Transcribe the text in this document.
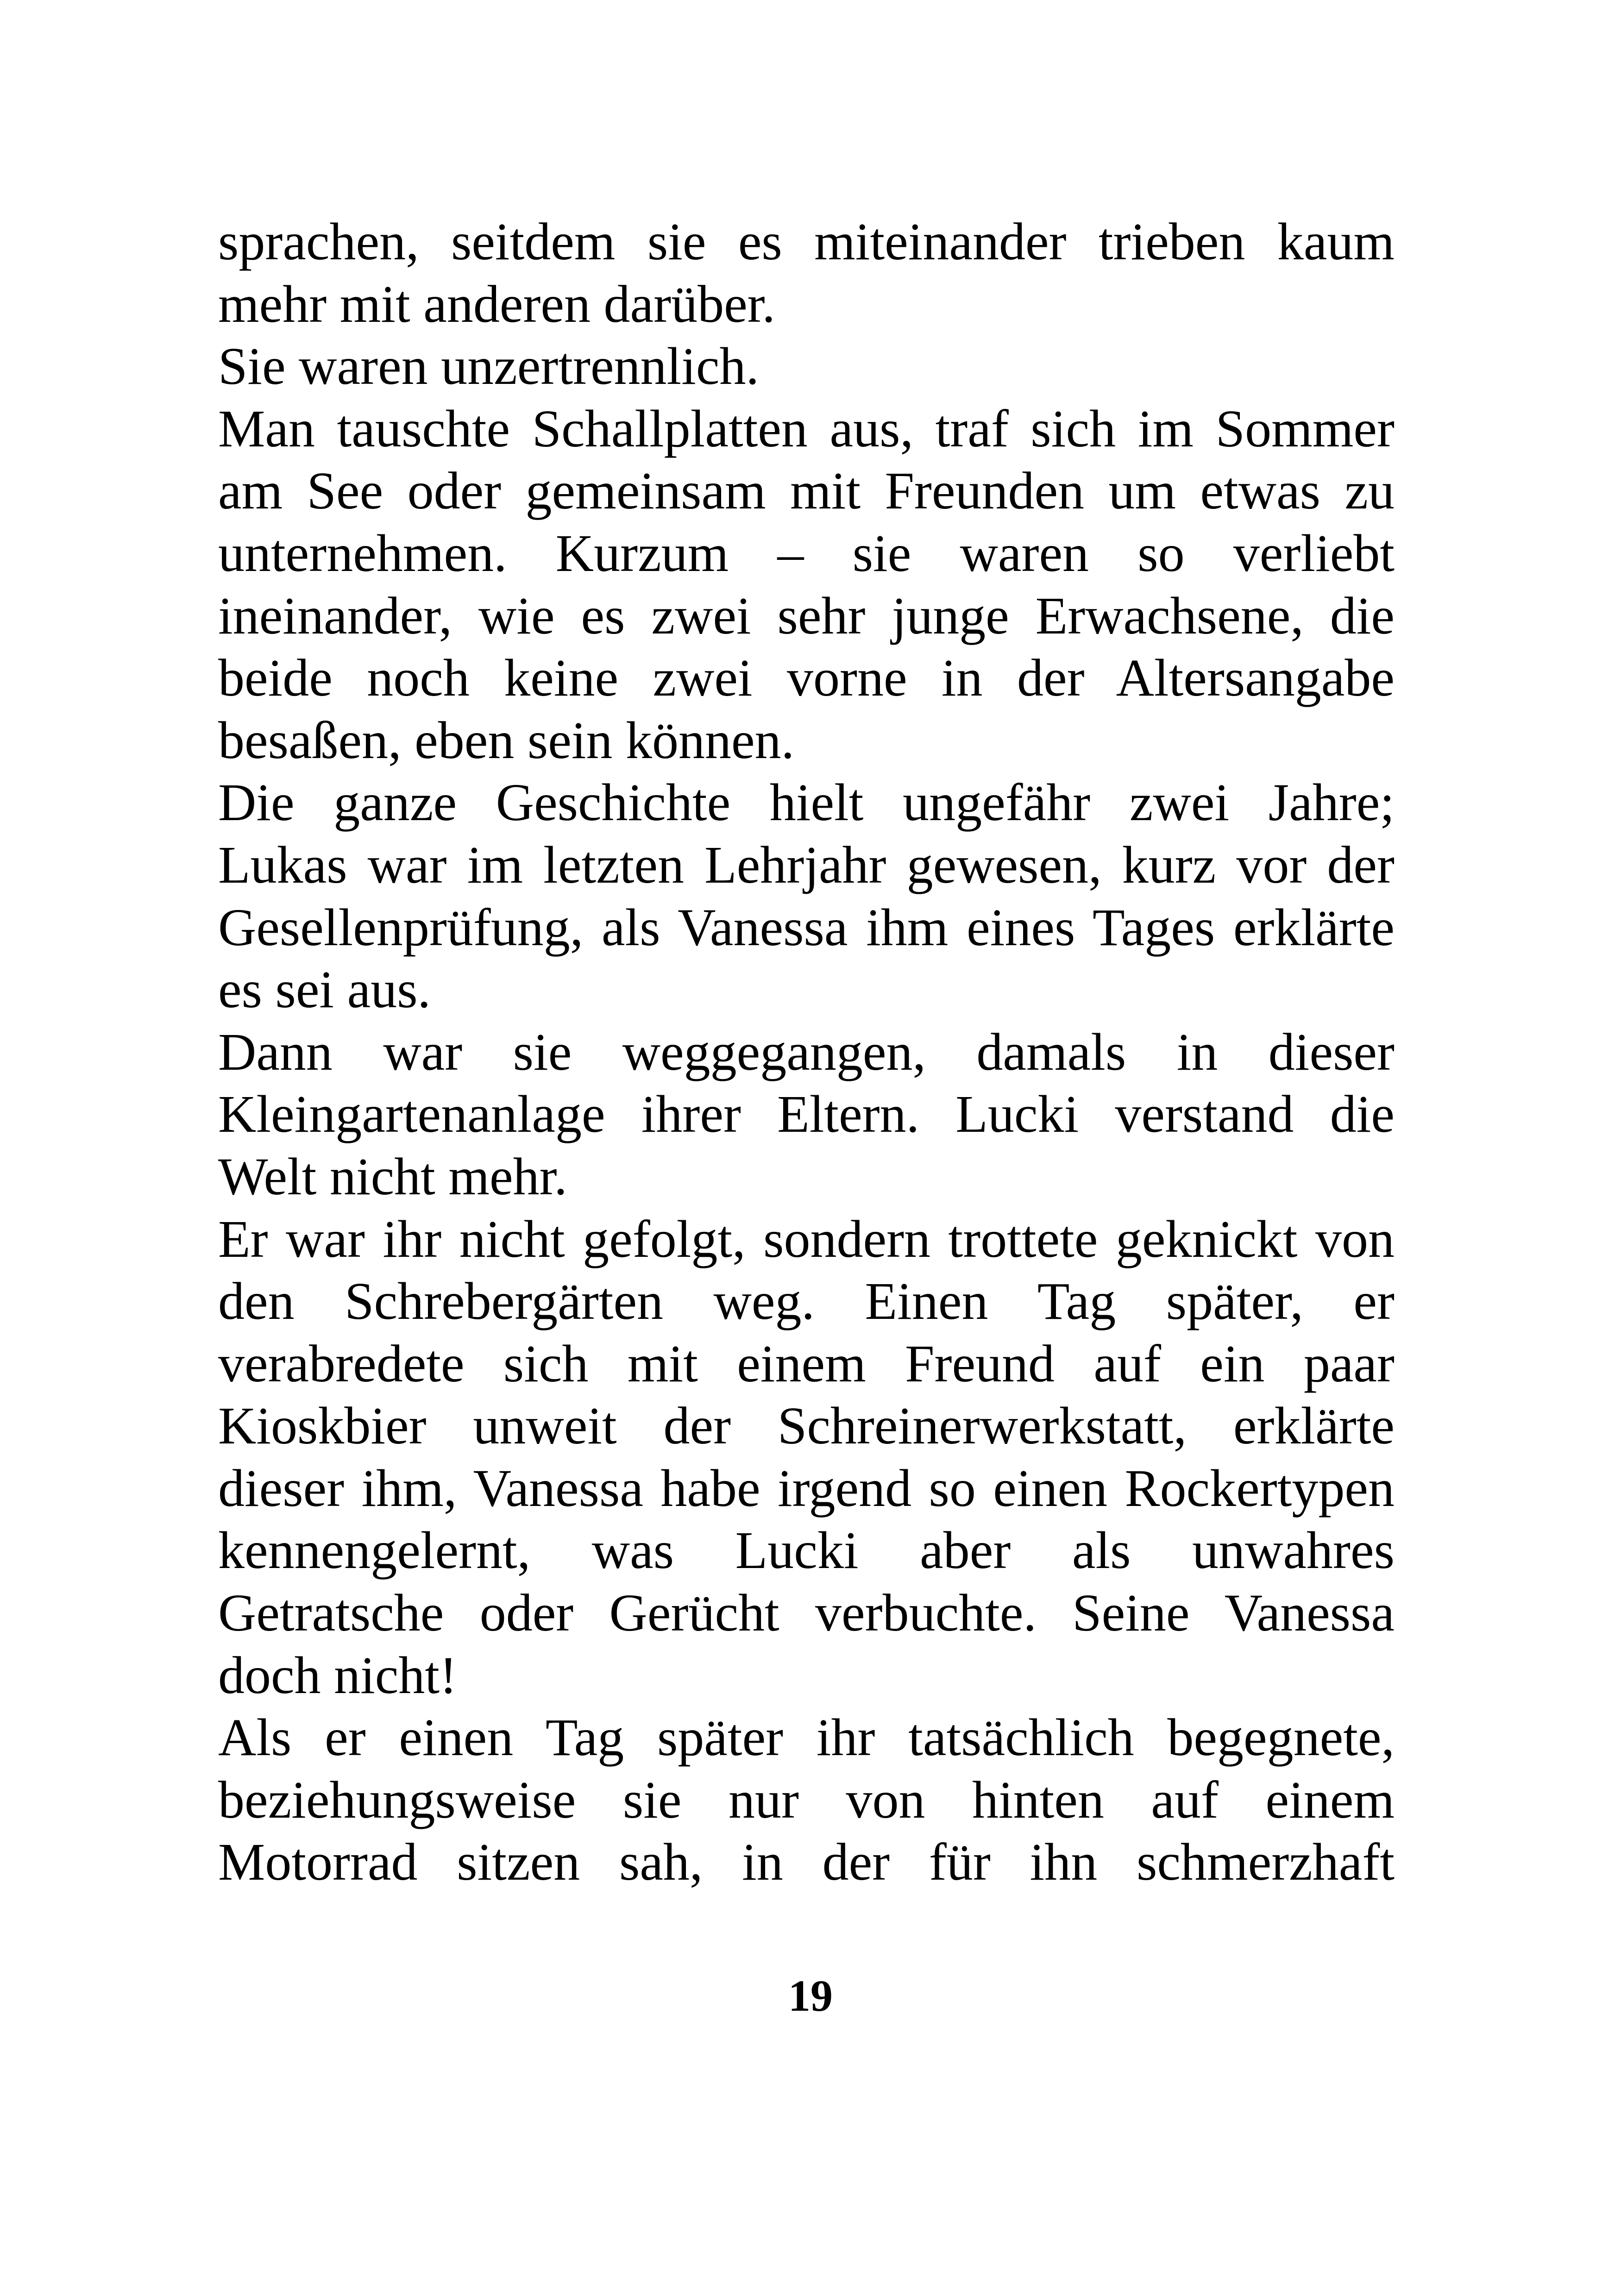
sprachen, seitdem sie es miteinander trieben kaum
mehr mit anderen darüber.
Sie waren unzertrennlich.
Man tauschte Schallplatten aus, traf sich im Sommer
am See oder gemeinsam mit Freunden um etwas zu
unternehmen. Kurzum – sie waren so verliebt
ineinander, wie es zwei sehr junge Erwachsene, die
beide noch keine zwei vorne in der Altersangabe
besaßen, eben sein können.
Die ganze Geschichte hielt ungefähr zwei Jahre;
Lukas war im letzten Lehrjahr gewesen, kurz vor der
Gesellenprüfung, als Vanessa ihm eines Tages erklärte
es sei aus.
Dann war sie weggegangen, damals in dieser
Kleingartenanlage ihrer Eltern. Lucki verstand die
Welt nicht mehr.
Er war ihr nicht gefolgt, sondern trottete geknickt von
den Schrebergärten weg. Einen Tag später, er
verabredete sich mit einem Freund auf ein paar
Kioskbier unweit der Schreinerwerkstatt, erklärte
dieser ihm, Vanessa habe irgend so einen Rockertypen
kennengelernt, was Lucki aber als unwahres
Getratsche oder Gerücht verbuchte. Seine Vanessa
doch nicht!
Als er einen Tag später ihr tatsächlich begegnete,
beziehungsweise sie nur von hinten auf einem
Motorrad sitzen sah, in der für ihn schmerzhaft
19
